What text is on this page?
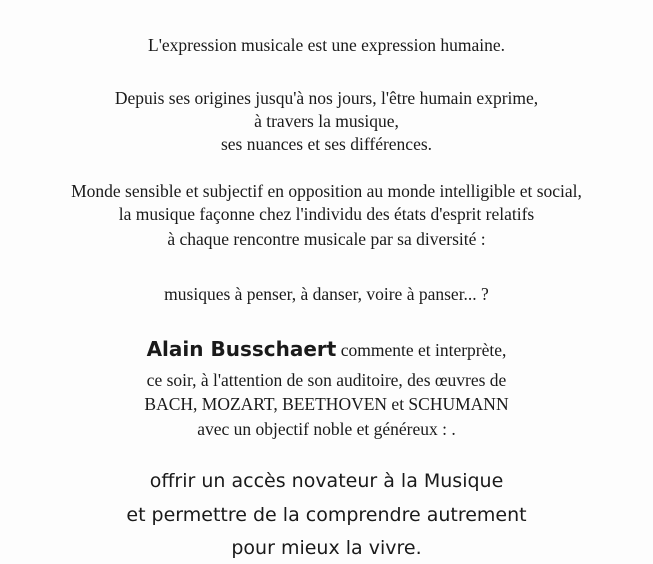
L'expression musicale est une expression humaine.
Depuis ses origines jusqu'à nos jours, l'être humain exprime,
à travers la musique,
ses nuances et ses différences.
Monde sensible et subjectif en opposition au monde intelligible et social,
la musique façonne chez l'individu des états d'esprit relatifs
à chaque rencontre musicale par sa diversité :
musiques à penser, à danser, voire à panser... ?
Alain Busschaert commente et interprète,
ce soir, à l'attention de son auditoire, des œuvres de
BACH, MOZART, BEETHOVEN et SCHUMANN
avec un objectif noble et généreux : .
offrir un accès novateur à la Musique
et permettre de la comprendre autrement
pour mieux la vivre.
